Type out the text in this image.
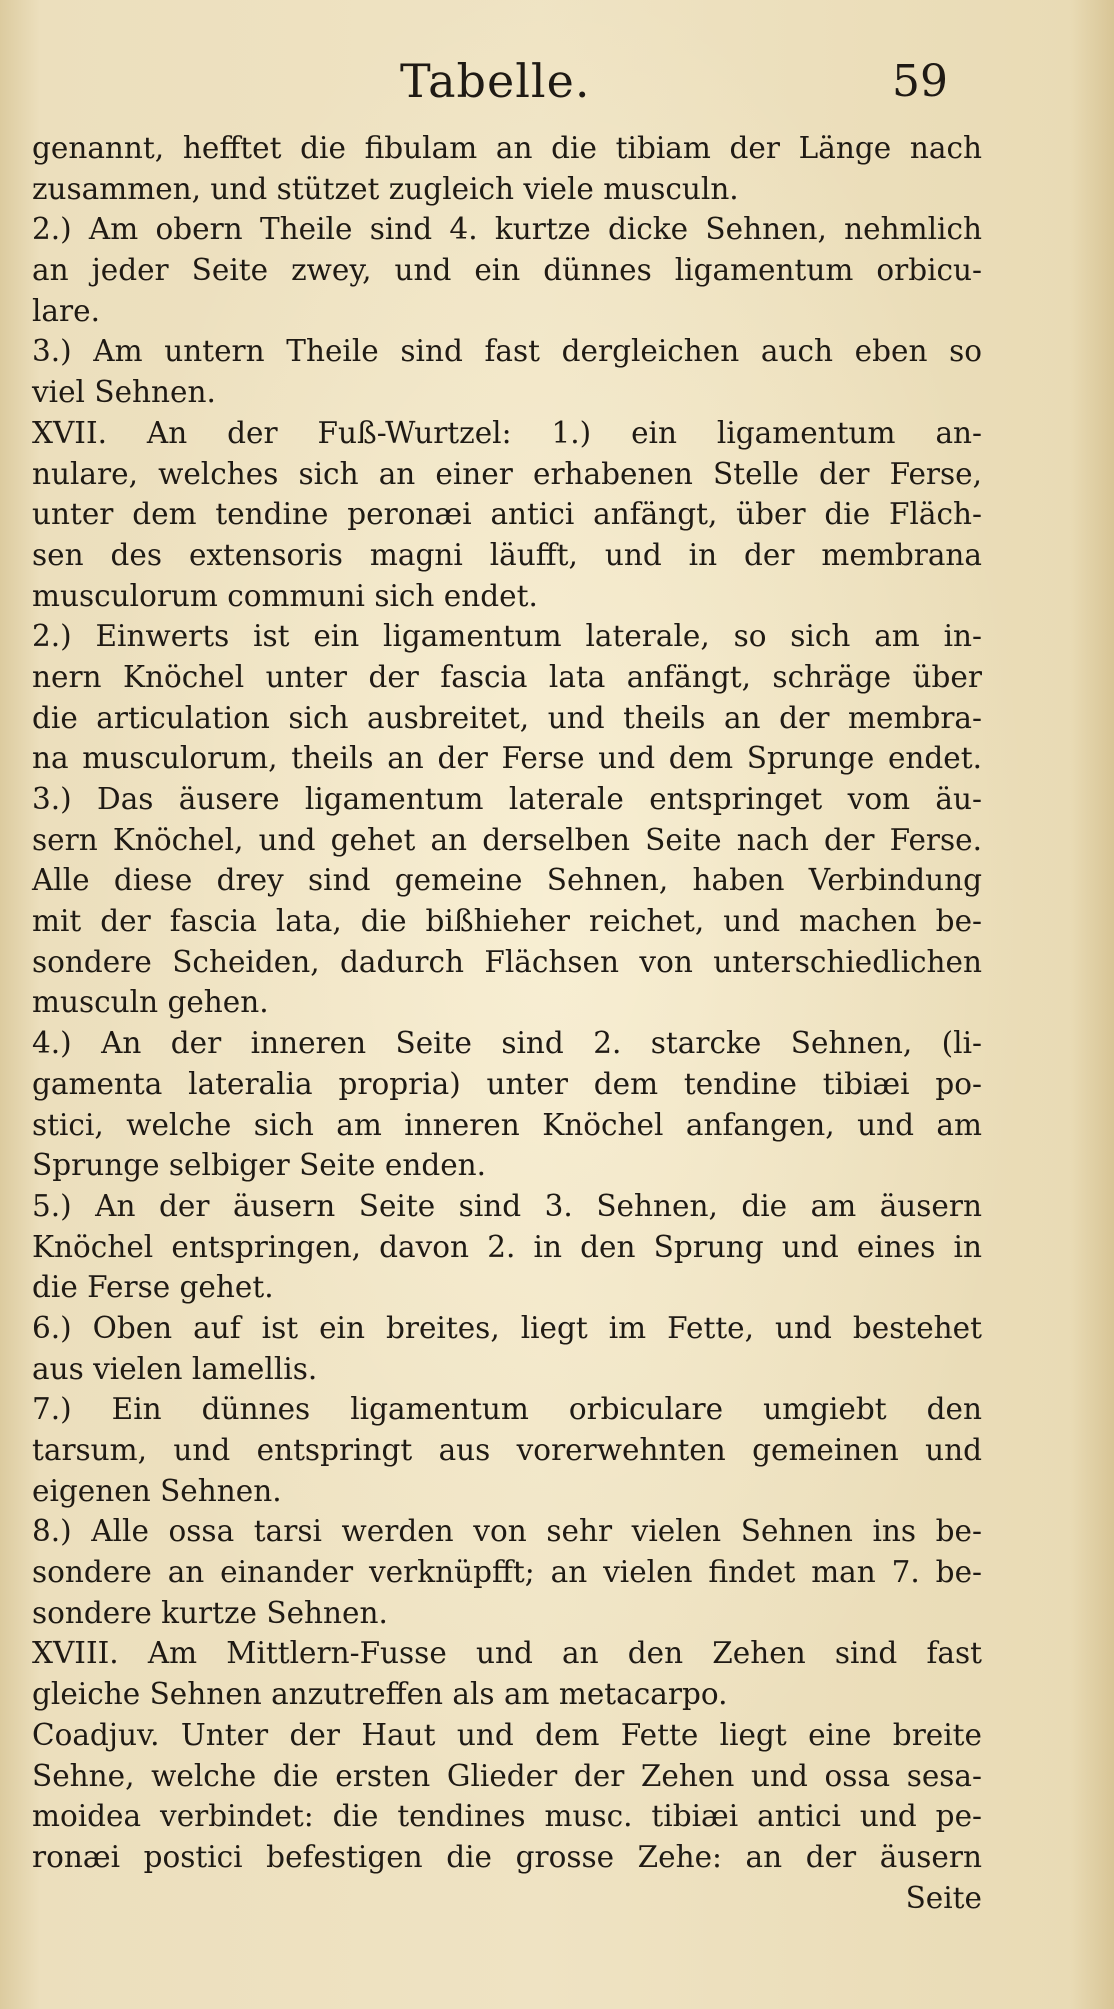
Tabelle.	59
genannt, hefftet die fibulam an die tibiam der Länge nach
zusammen, und stützet zugleich viele musculn.
2.) Am obern Theile sind 4. kurtze dicke Sehnen, nehmlich
an jeder Seite zwey, und ein dünnes ligamentum orbicu-
lare.
3.) Am untern Theile sind fast dergleichen auch eben so
viel Sehnen.
XVII. An der Fuß-Wurtzel: 1.) ein ligamentum an-
nulare, welches sich an einer erhabenen Stelle der Ferse,
unter dem tendine peronæi antici anfängt, über die Fläch-
sen des extensoris magni läufft, und in der membrana
musculorum communi sich endet.
2.) Einwerts ist ein ligamentum laterale, so sich am in-
nern Knöchel unter der fascia lata anfängt, schräge über
die articulation sich ausbreitet, und theils an der membra-
na musculorum, theils an der Ferse und dem Sprunge endet.
3.) Das äusere ligamentum laterale entspringet vom äu-
sern Knöchel, und gehet an derselben Seite nach der Ferse.
Alle diese drey sind gemeine Sehnen, haben Verbindung
mit der fascia lata, die bißhieher reichet, und machen be-
sondere Scheiden, dadurch Flächsen von unterschiedlichen
musculn gehen.
4.) An der inneren Seite sind 2. starcke Sehnen, (li-
gamenta lateralia propria) unter dem tendine tibiæi po-
stici, welche sich am inneren Knöchel anfangen, und am
Sprunge selbiger Seite enden.
5.) An der äusern Seite sind 3. Sehnen, die am äusern
Knöchel entspringen, davon 2. in den Sprung und eines in
die Ferse gehet.
6.) Oben auf ist ein breites, liegt im Fette, und bestehet
aus vielen lamellis.
7.) Ein dünnes ligamentum orbiculare umgiebt den
tarsum, und entspringt aus vorerwehnten gemeinen und
eigenen Sehnen.
8.) Alle ossa tarsi werden von sehr vielen Sehnen ins be-
sondere an einander verknüpfft; an vielen findet man 7. be-
sondere kurtze Sehnen.
XVIII. Am Mittlern-Fusse und an den Zehen sind fast
gleiche Sehnen anzutreffen als am metacarpo.
Coadjuv. Unter der Haut und dem Fette liegt eine breite
Sehne, welche die ersten Glieder der Zehen und ossa sesa-
moidea verbindet: die tendines musc. tibiæi antici und pe-
ronæi postici befestigen die grosse Zehe: an der äusern
Seite
